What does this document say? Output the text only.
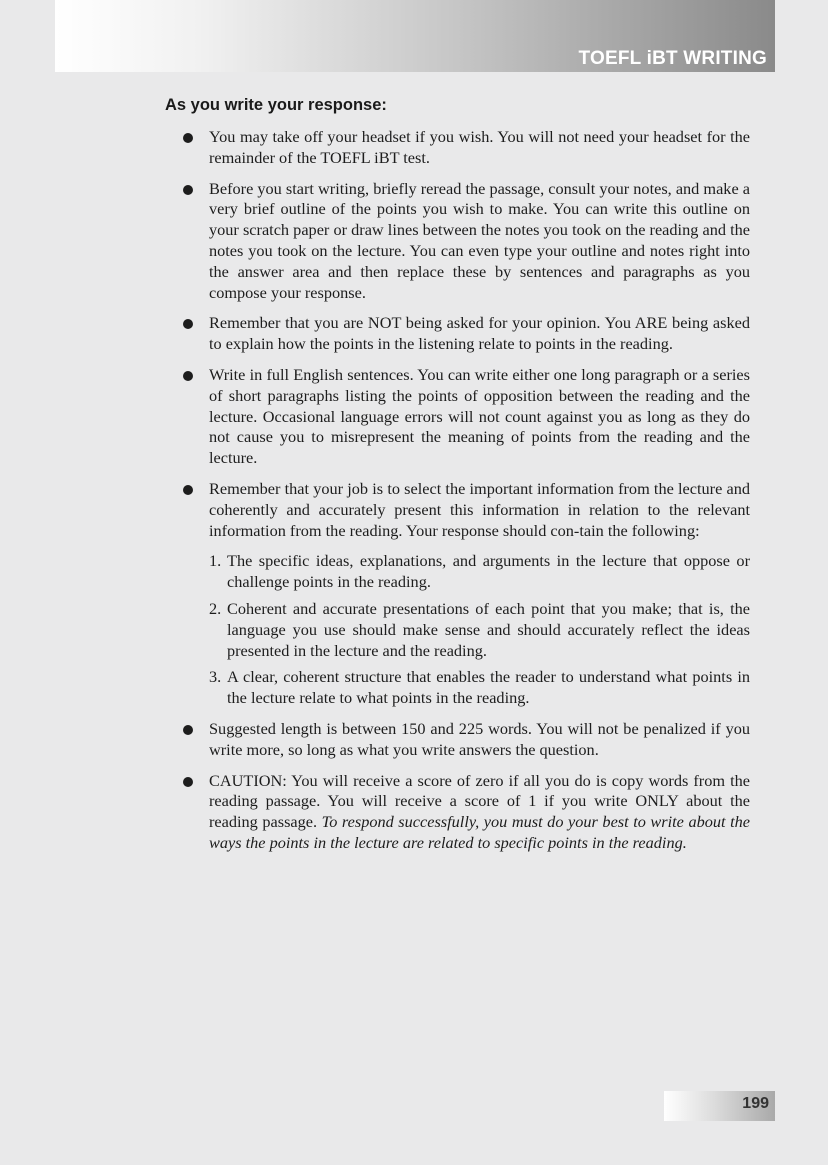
TOEFL iBT WRITING
As you write your response:
You may take off your headset if you wish. You will not need your headset for the remainder of the TOEFL iBT test.
Before you start writing, briefly reread the passage, consult your notes, and make a very brief outline of the points you wish to make. You can write this outline on your scratch paper or draw lines between the notes you took on the reading and the notes you took on the lecture. You can even type your outline and notes right into the answer area and then replace these by sentences and paragraphs as you compose your response.
Remember that you are NOT being asked for your opinion. You ARE being asked to explain how the points in the listening relate to points in the reading.
Write in full English sentences. You can write either one long paragraph or a series of short paragraphs listing the points of opposition between the reading and the lecture. Occasional language errors will not count against you as long as they do not cause you to misrepresent the meaning of points from the reading and the lecture.
Remember that your job is to select the important information from the lecture and coherently and accurately present this information in relation to the relevant information from the reading. Your response should con-tain the following:
1. The specific ideas, explanations, and arguments in the lecture that oppose or challenge points in the reading.
2. Coherent and accurate presentations of each point that you make; that is, the language you use should make sense and should accurately reflect the ideas presented in the lecture and the reading.
3. A clear, coherent structure that enables the reader to understand what points in the lecture relate to what points in the reading.
Suggested length is between 150 and 225 words. You will not be penalized if you write more, so long as what you write answers the question.
CAUTION: You will receive a score of zero if all you do is copy words from the reading passage. You will receive a score of 1 if you write ONLY about the reading passage. To respond successfully, you must do your best to write about the ways the points in the lecture are related to specific points in the reading.
199
